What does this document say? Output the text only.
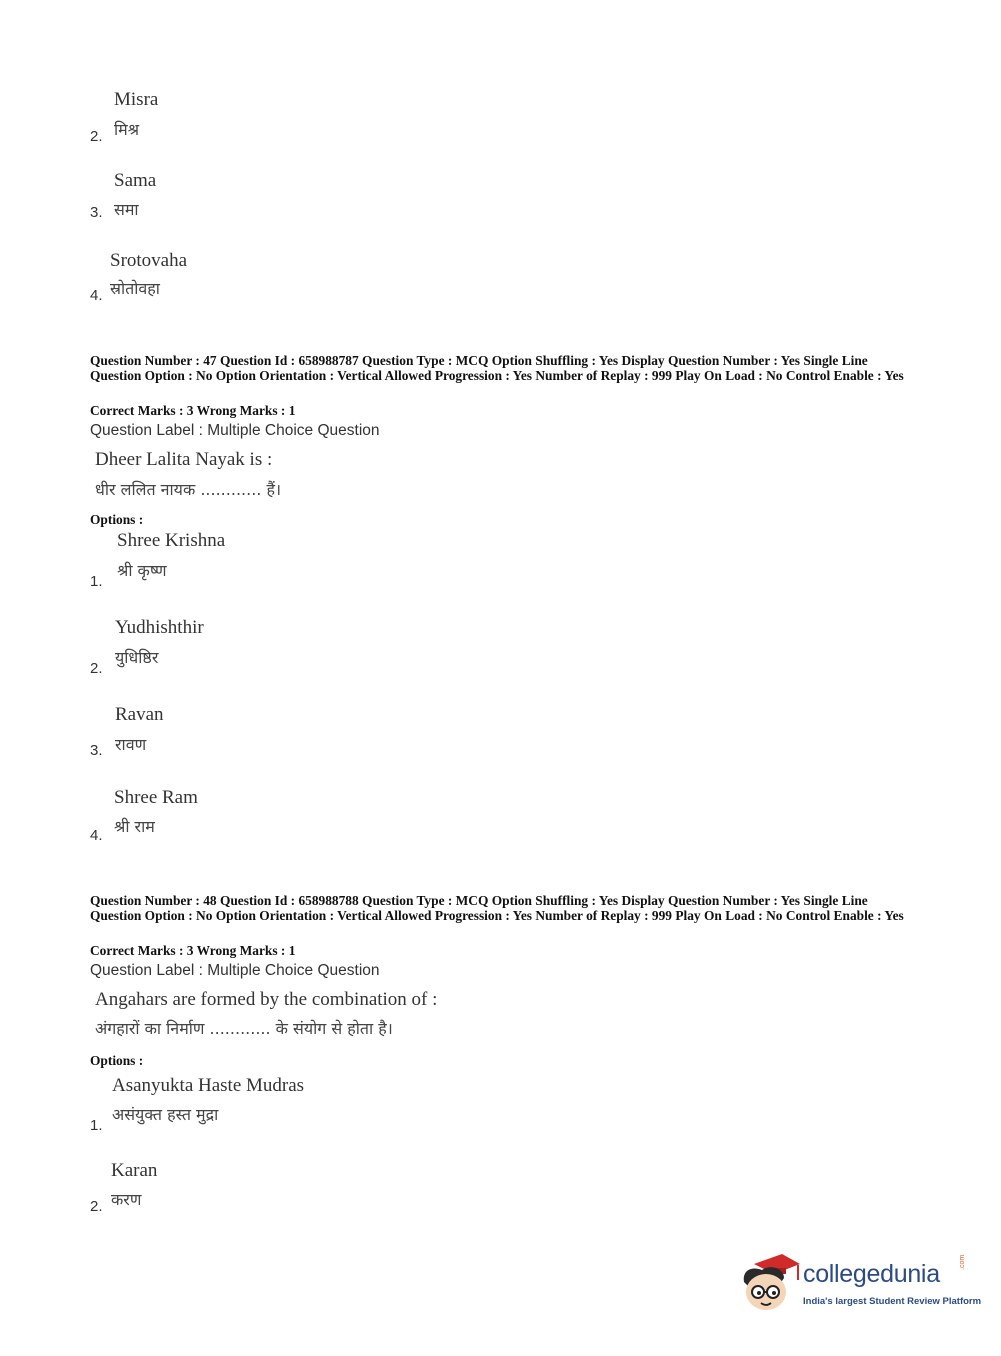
Misra
मिश्र
2.
Sama
समा
3.
Srotovaha
स्रोतोवहा
4.
Question Number : 47 Question Id : 658988787 Question Type : MCQ Option Shuffling : Yes Display Question Number : Yes Single Line Question Option : No Option Orientation : Vertical Allowed Progression : Yes Number of Replay : 999 Play On Load : No Control Enable : Yes
Correct Marks : 3 Wrong Marks : 1
Question Label : Multiple Choice Question
Dheer Lalita Nayak is :
धीर ललित नायक ............ हैं।
Options :
Shree Krishna
श्री कृष्ण
1.
Yudhishthir
युधिष्ठिर
2.
Ravan
रावण
3.
Shree Ram
श्री राम
4.
Question Number : 48 Question Id : 658988788 Question Type : MCQ Option Shuffling : Yes Display Question Number : Yes Single Line Question Option : No Option Orientation : Vertical Allowed Progression : Yes Number of Replay : 999 Play On Load : No Control Enable : Yes
Correct Marks : 3 Wrong Marks : 1
Question Label : Multiple Choice Question
Angahars are formed by the combination of :
अंगहारों का निर्माण ............ के संयोग से होता है।
Options :
Asanyukta Haste Mudras
असंयुक्त हस्त मुद्रा
1.
Karan
करण
2.
collegedunia	.com
India's largest Student Review Platform
